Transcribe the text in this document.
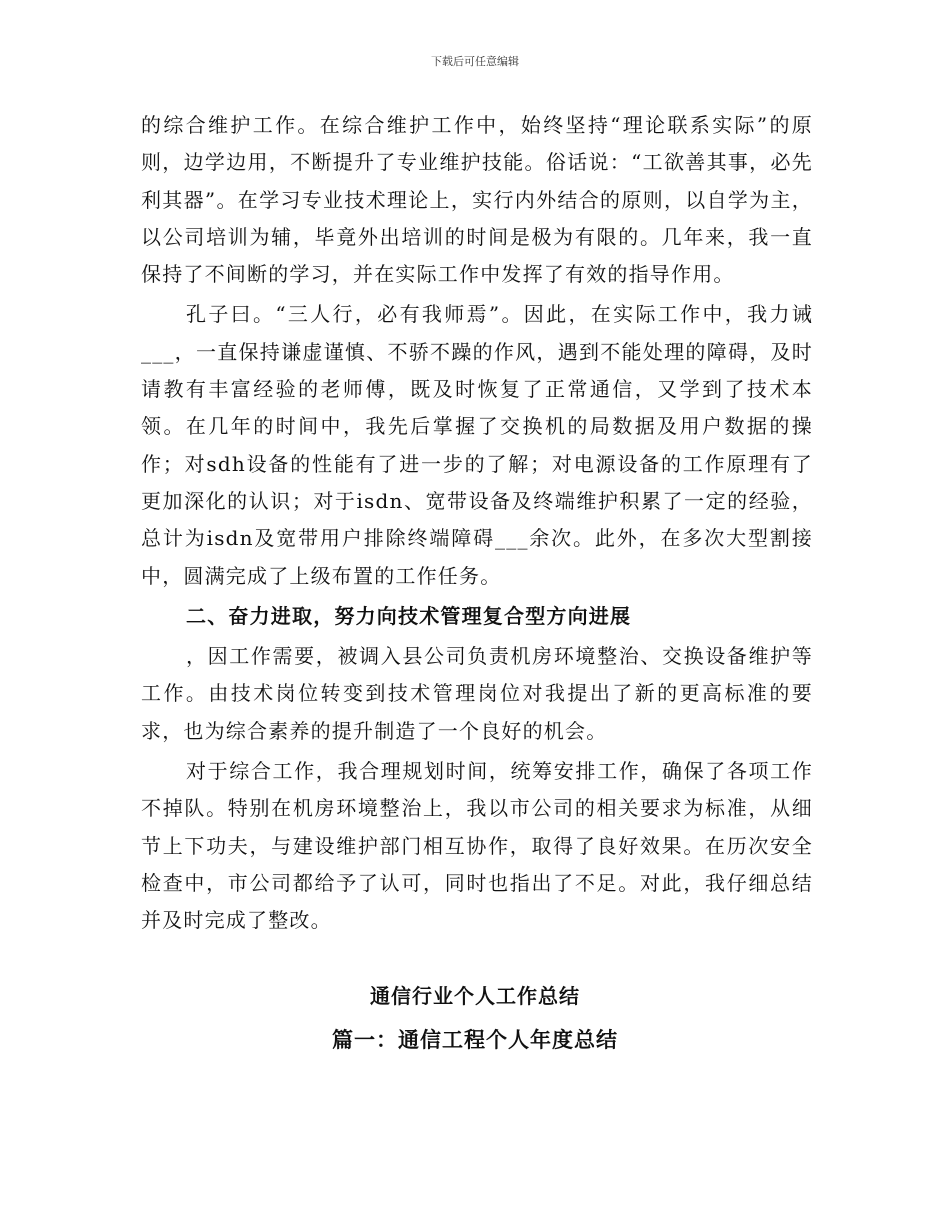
下载后可任意编辑

的综合维护工作。在综合维护工作中，始终坚持“理论联系实际”的原则，边学边用，不断提升了专业维护技能。俗话说：“工欲善其事，必先利其器”。在学习专业技术理论上，实行内外结合的原则，以自学为主，以公司培训为辅，毕竟外出培训的时间是极为有限的。几年来，我一直保持了不间断的学习，并在实际工作中发挥了有效的指导作用。

孔子曰。“三人行，必有我师焉”。因此，在实际工作中，我力诫___，一直保持谦虚谨慎、不骄不躁的作风，遇到不能处理的障碍，及时请教有丰富经验的老师傅，既及时恢复了正常通信，又学到了技术本领。在几年的时间中，我先后掌握了交换机的局数据及用户数据的操作；对sdh设备的性能有了进一步的了解；对电源设备的工作原理有了更加深化的认识；对于isdn、宽带设备及终端维护积累了一定的经验，总计为isdn及宽带用户排除终端障碍___余次。此外，在多次大型割接中，圆满完成了上级布置的工作任务。

二、奋力进取，努力向技术管理复合型方向进展

，因工作需要，被调入县公司负责机房环境整治、交换设备维护等工作。由技术岗位转变到技术管理岗位对我提出了新的更高标准的要求，也为综合素养的提升制造了一个良好的机会。

对于综合工作，我合理规划时间，统筹安排工作，确保了各项工作不掉队。特别在机房环境整治上，我以市公司的相关要求为标准，从细节上下功夫，与建设维护部门相互协作，取得了良好效果。在历次安全检查中，市公司都给予了认可，同时也指出了不足。对此，我仔细总结并及时完成了整改。

通信行业个人工作总结
篇一：通信工程个人年度总结
